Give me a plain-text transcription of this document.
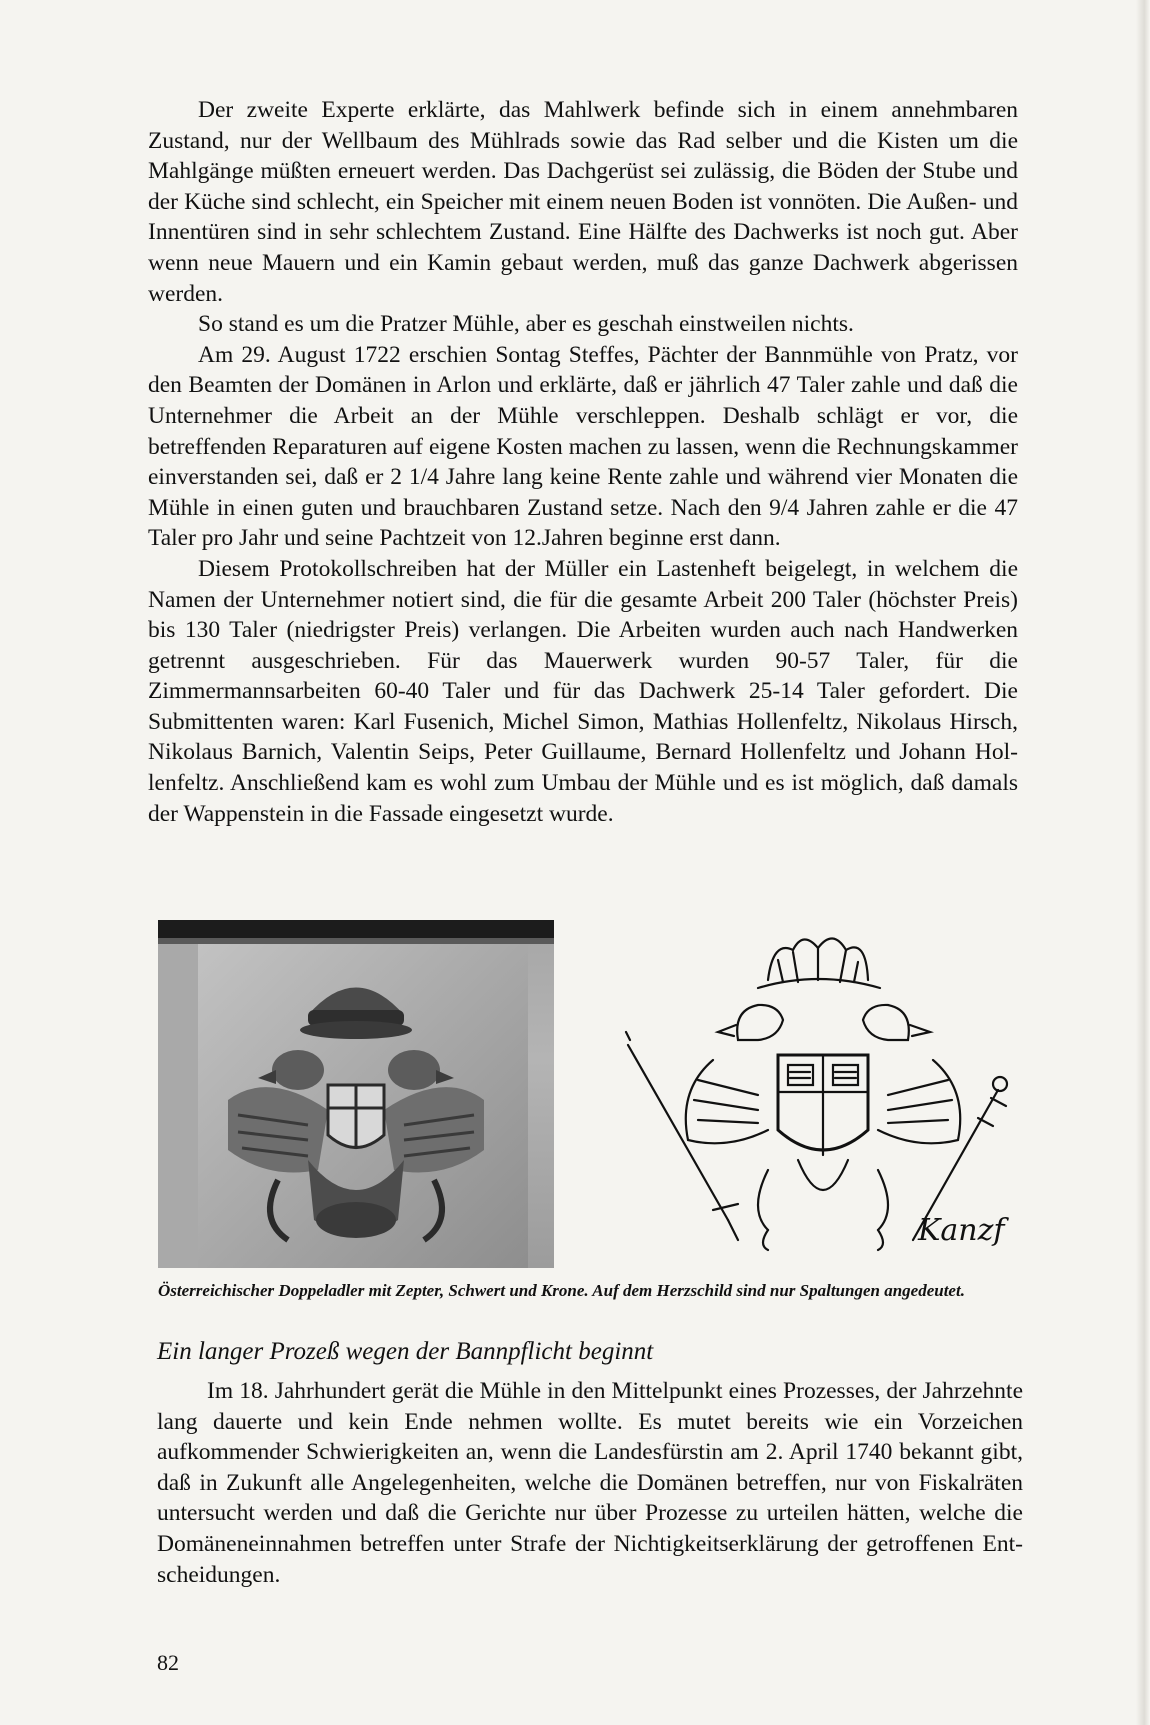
Der zweite Experte erklärte, das Mahlwerk befinde sich in einem annehmbaren Zustand, nur der Wellbaum des Mühlrads sowie das Rad selber und die Kisten um die Mahlgänge müßten erneuert werden. Das Dachgerüst sei zulässig, die Böden der Stube und der Küche sind schlecht, ein Speicher mit einem neuen Boden ist vonnöten. Die Außen- und Innentüren sind in sehr schlechtem Zustand. Eine Hälfte des Dachwerks ist noch gut. Aber wenn neue Mauern und ein Kamin gebaut werden, muß das ganze Dachwerk abgerissen werden.

So stand es um die Pratzer Mühle, aber es geschah einstweilen nichts.

Am 29. August 1722 erschien Sontag Steffes, Pächter der Bannmühle von Pratz, vor den Beamten der Domänen in Arlon und erklärte, daß er jährlich 47 Taler zahle und daß die Unternehmer die Arbeit an der Mühle verschleppen. Deshalb schlägt er vor, die betreffenden Reparaturen auf eigene Kosten machen zu lassen, wenn die Rechnungskammer einverstanden sei, daß er 2 1/4 Jahre lang keine Rente zahle und während vier Monaten die Mühle in einen guten und brauchbaren Zustand setze. Nach den 9/4 Jahren zahle er die 47 Taler pro Jahr und seine Pachtzeit von 12.Jahren beginne erst dann.

Diesem Protokollschreiben hat der Müller ein Lastenheft beigelegt, in welchem die Namen der Unternehmer notiert sind, die für die gesamte Arbeit 200 Taler (höchster Preis) bis 130 Taler (niedrigster Preis) verlangen. Die Arbeiten wurden auch nach Handwerken getrennt ausgeschrieben. Für das Mauerwerk wurden 90-57 Taler, für die Zimmermannsarbeiten 60-40 Taler und für das Dachwerk 25-14 Taler gefordert. Die Submittenten waren: Karl Fusenich, Michel Simon, Mathias Hollenfeltz, Nikolaus Hirsch, Nikolaus Barnich, Valentin Seips, Peter Guillaume, Bernard Hollenfeltz und Johann Hollenfeltz. Anschließend kam es wohl zum Umbau der Mühle und es ist möglich, daß damals der Wappenstein in die Fassade eingesetzt wurde.

Kanzf
Österreichischer Doppeladler mit Zepter, Schwert und Krone. Auf dem Herzschild sind nur Spaltungen angedeutet.
Ein langer Prozeß wegen der Bannpflicht beginnt

Im 18. Jahrhundert gerät die Mühle in den Mittelpunkt eines Prozesses, der Jahrzehnte lang dauerte und kein Ende nehmen wollte. Es mutet bereits wie ein Vorzeichen aufkommender Schwierigkeiten an, wenn die Landesfürstin am 2. April 1740 bekannt gibt, daß in Zukunft alle Angelegenheiten, welche die Domänen betreffen, nur von Fiskalräten untersucht werden und daß die Gerichte nur über Prozesse zu urteilen hätten, welche die Domäneneinnahmen betreffen unter Strafe der Nichtigkeitserklärung der getroffenen Entscheidungen.

82
